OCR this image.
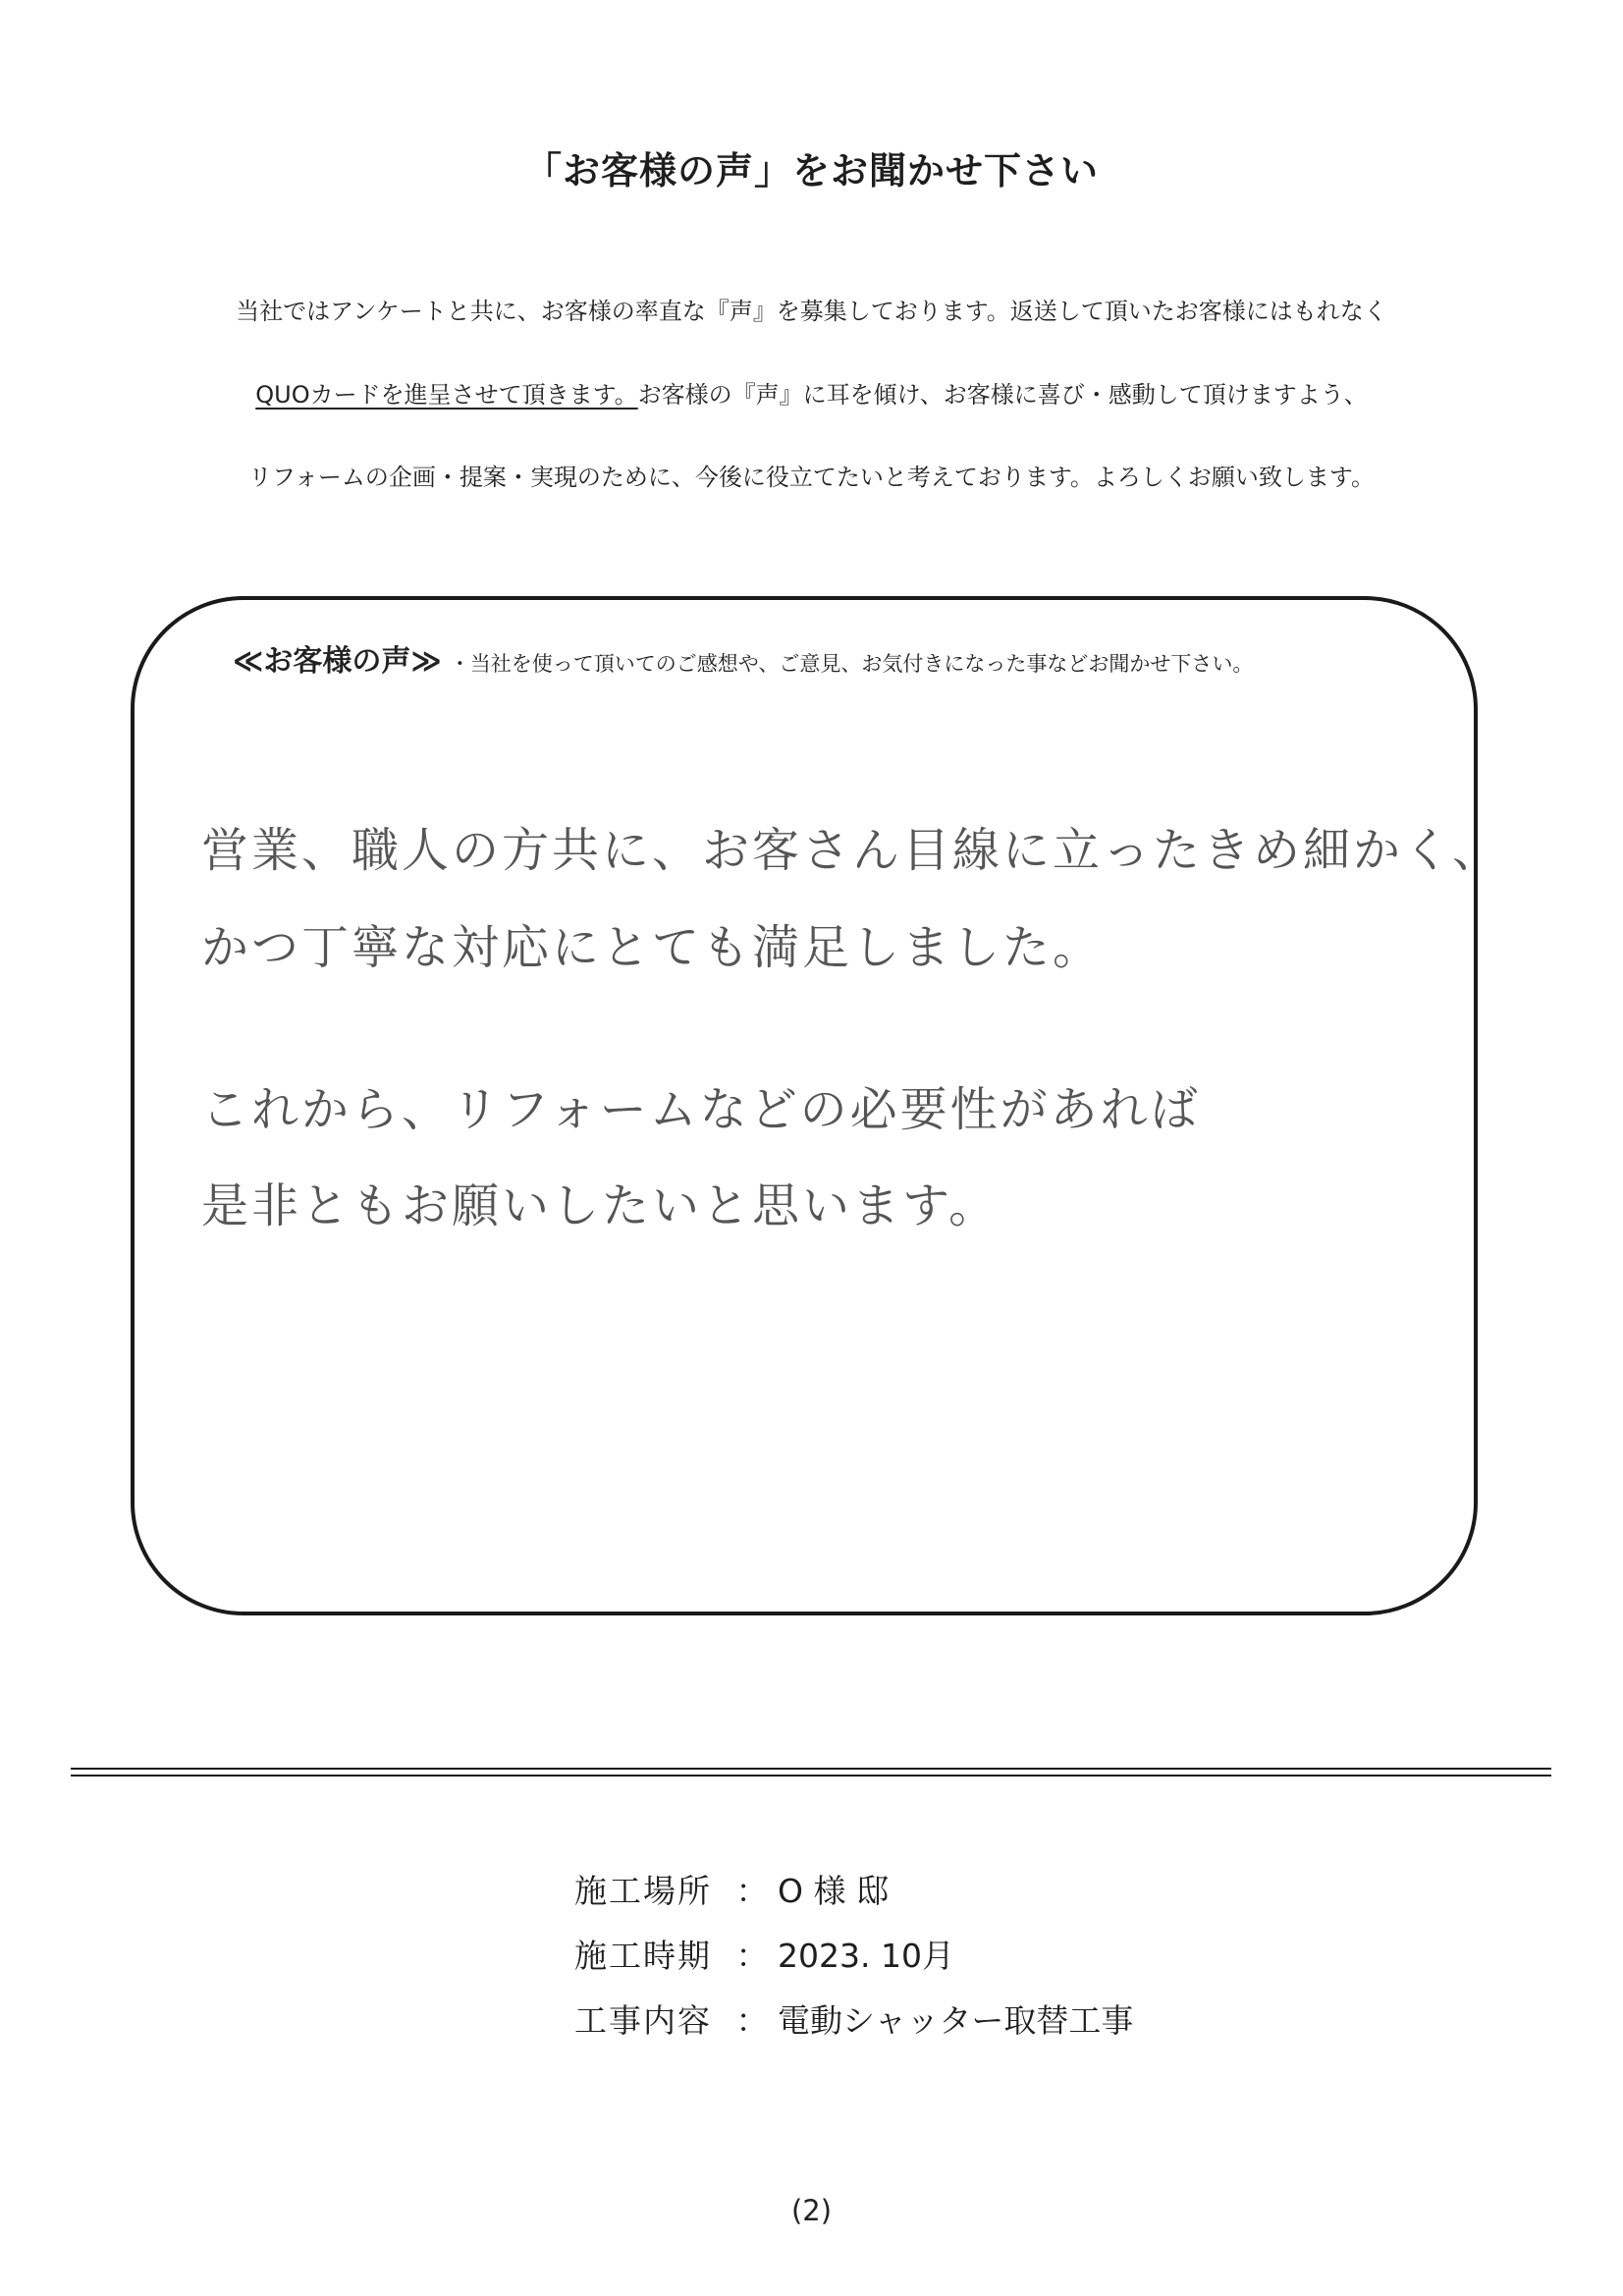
「お客様の声」をお聞かせ下さい
当社ではアンケートと共に、お客様の率直な『声』を募集しております。返送して頂いたお客様にはもれなく
QUOカードを進呈させて頂きます。お客様の『声』に耳を傾け、お客様に喜び・感動して頂けますよう、
リフォームの企画・提案・実現のために、今後に役立てたいと考えております。よろしくお願い致します。
≪お客様の声≫ ・当社を使って頂いてのご感想や、ご意見、お気付きになった事などお聞かせ下さい。
営業、職人の方共に、お客さん目線に立ったきめ細かく、
かつ丁寧な対応にとても満足しました。
これから、リフォームなどの必要性があれば
是非ともお願いしたいと思います。
施工場所 ： O 様 邸
施工時期 ： 2023. 10月
工事内容 ： 電動シャッター取替工事
(2)
